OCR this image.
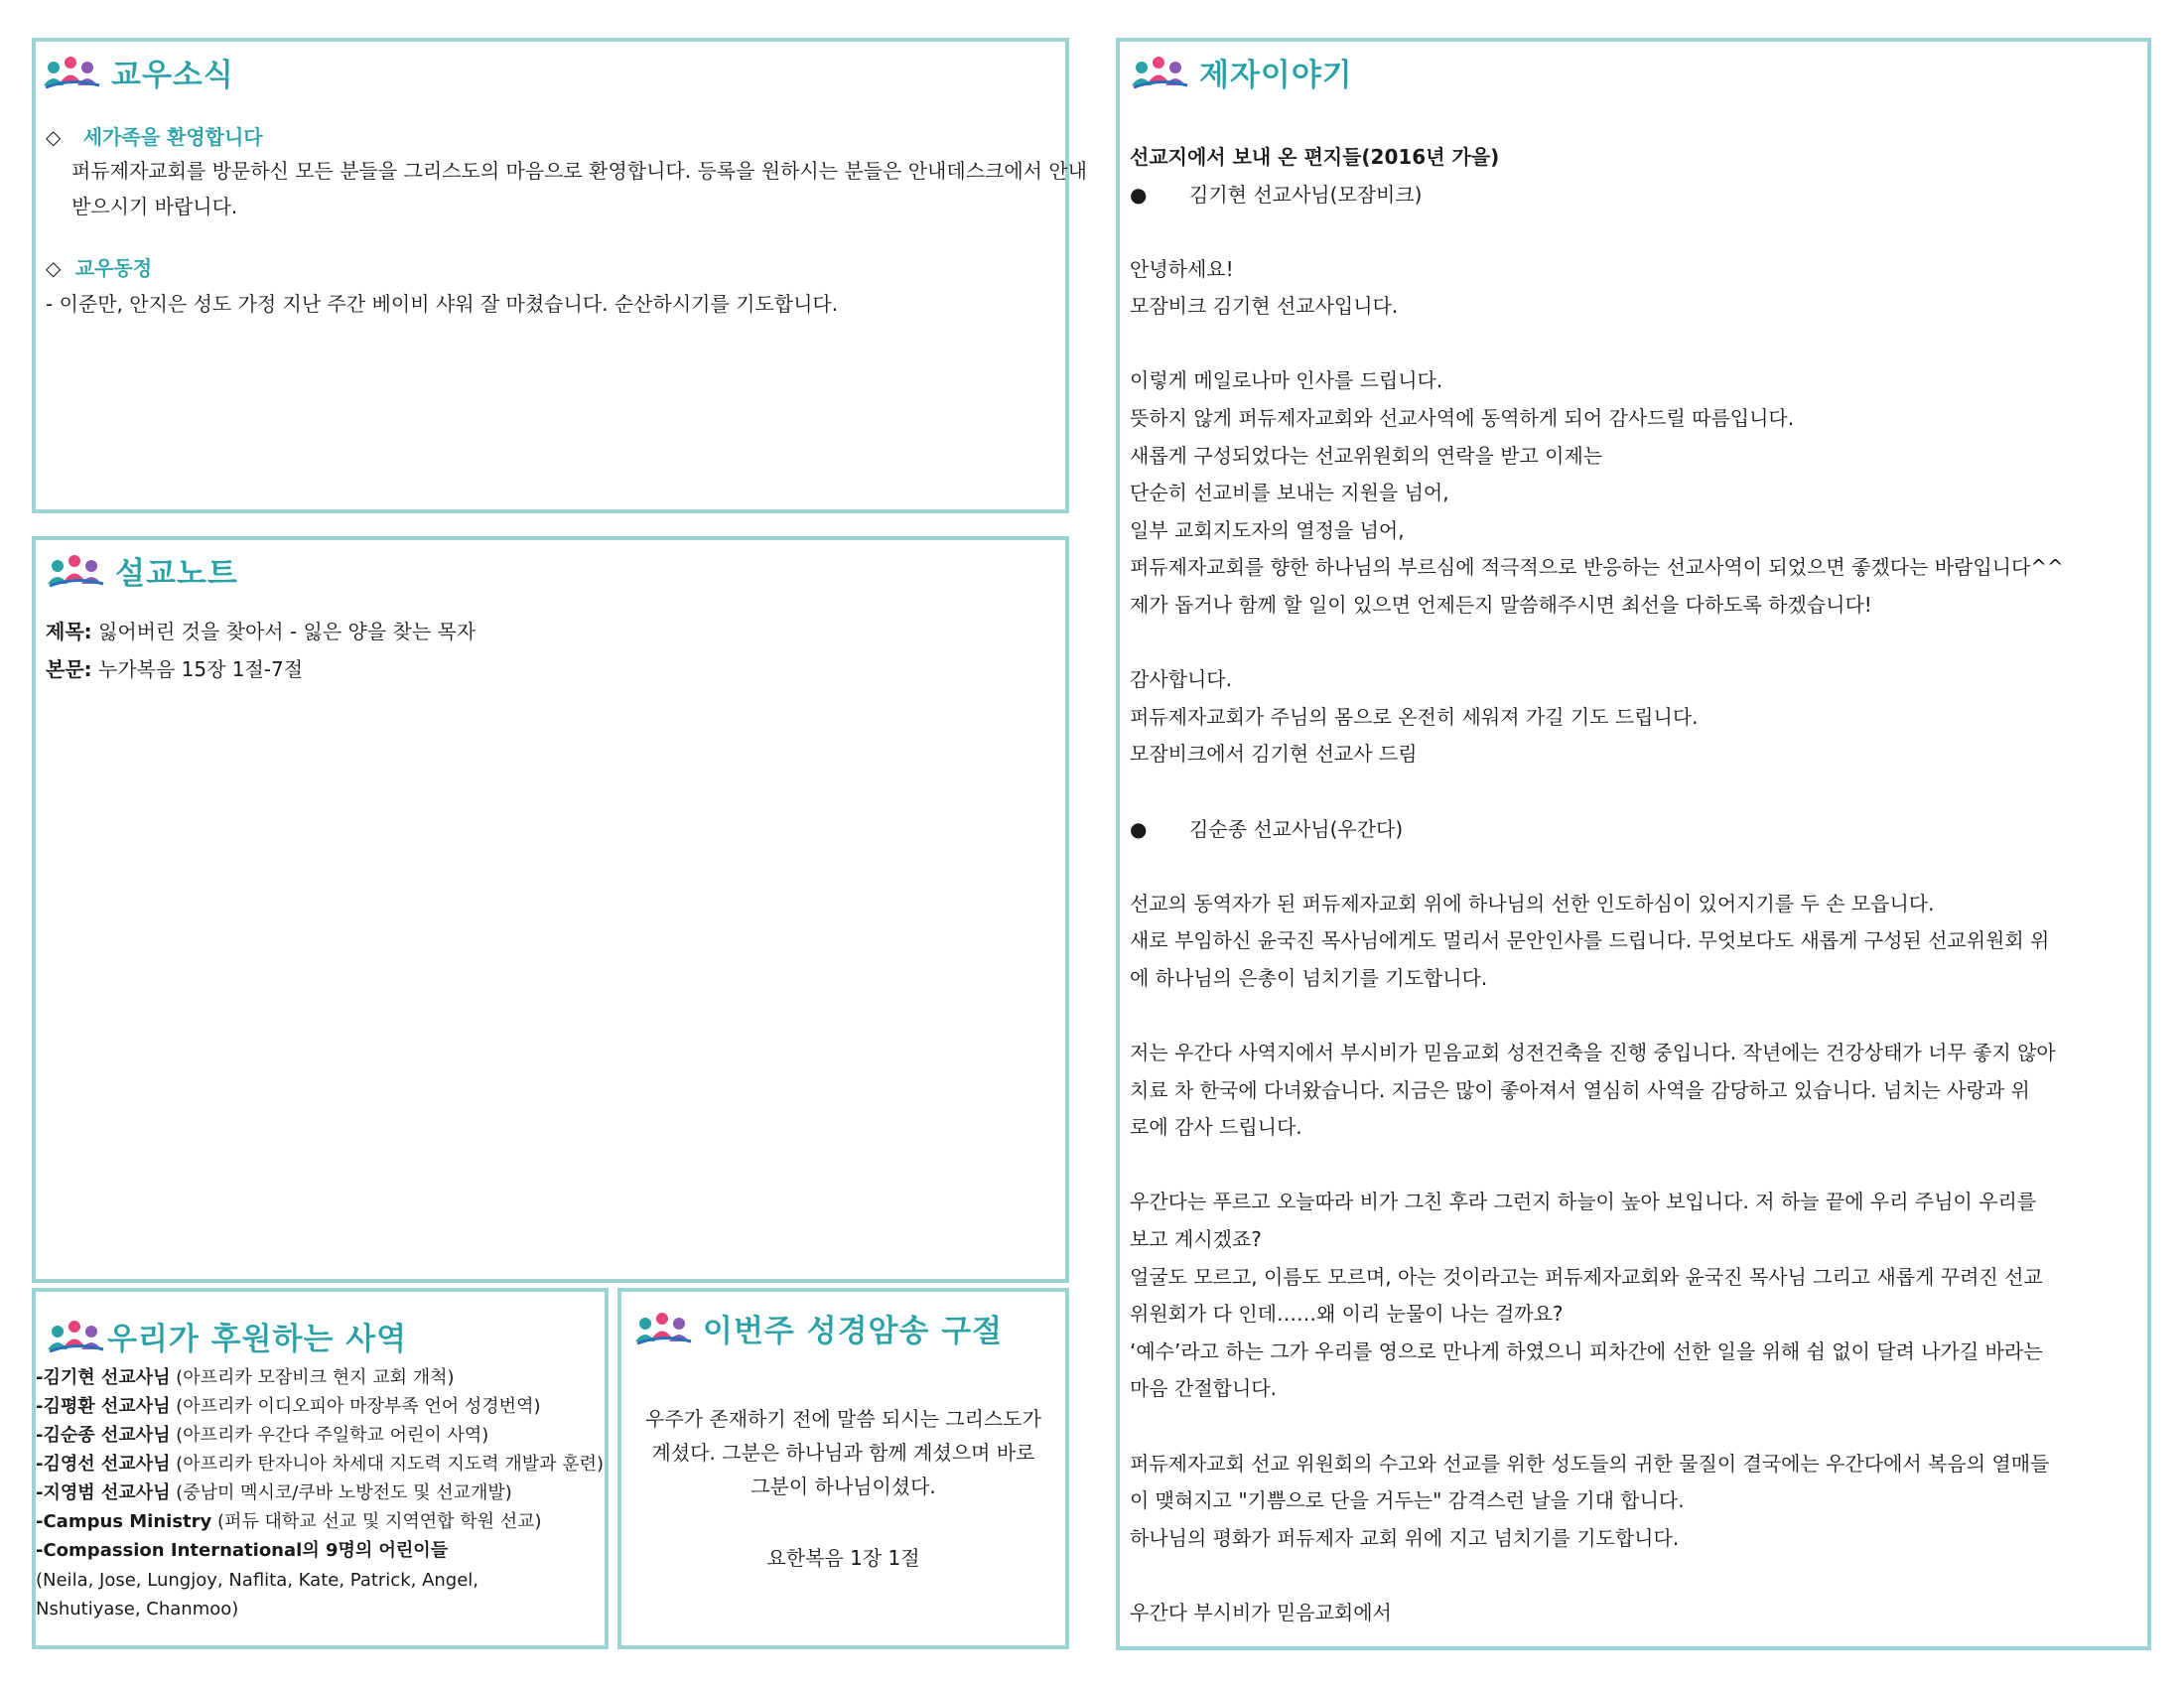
교우소식
◇ 세가족을 환영합니다
퍼듀제자교회를 방문하신 모든 분들을 그리스도의 마음으로 환영합니다. 등록을 원하시는 분들은 안내데스크에서 안내
받으시기 바랍니다.
◇ 교우동정
- 이준만, 안지은 성도 가정 지난 주간 베이비 샤워 잘 마쳤습니다. 순산하시기를 기도합니다.
설교노트
제목: 잃어버린 것을 찾아서 - 잃은 양을 찾는 목자
본문: 누가복음 15장 1절-7절
우리가 후원하는 사역
-김기현 선교사님 (아프리카 모잠비크 현지 교회 개척)
-김평환 선교사님 (아프리카 이디오피아 마장부족 언어 성경번역)
-김순종 선교사님 (아프리카 우간다 주일학교 어린이 사역)
-김영선 선교사님 (아프리카 탄자니아 차세대 지도력 지도력 개발과 훈련)
-지영범 선교사님 (중남미 멕시코/쿠바 노방전도 및 선교개발)
-Campus Ministry (퍼듀 대학교 선교 및 지역연합 학원 선교)
-Compassion International의 9명의 어린이들
(Neila, Jose, Lungjoy, Naflita, Kate, Patrick, Angel,
Nshutiyase, Chanmoo)
이번주 성경암송 구절
우주가 존재하기 전에 말씀 되시는 그리스도가
계셨다. 그분은 하나님과 함께 계셨으며 바로
그분이 하나님이셨다.
요한복음 1장 1절
제자이야기
선교지에서 보내 온 편지들(2016년 가을)
● 김기현 선교사님(모잠비크)

안녕하세요!
모잠비크 김기현 선교사입니다.

이렇게 메일로나마 인사를 드립니다.
뜻하지 않게 퍼듀제자교회와 선교사역에 동역하게 되어 감사드릴 따름입니다.
새롭게 구성되었다는 선교위원회의 연락을 받고 이제는
단순히 선교비를 보내는 지원을 넘어,
일부 교회지도자의 열정을 넘어,
퍼듀제자교회를 향한 하나님의 부르심에 적극적으로 반응하는 선교사역이 되었으면 좋겠다는 바람입니다^^
제가 돕거나 함께 할 일이 있으면 언제든지 말씀해주시면 최선을 다하도록 하겠습니다!

감사합니다.
퍼듀제자교회가 주님의 몸으로 온전히 세워져 가길 기도 드립니다.
모잠비크에서 김기현 선교사 드림

● 김순종 선교사님(우간다)

선교의 동역자가 된 퍼듀제자교회 위에 하나님의 선한 인도하심이 있어지기를 두 손 모읍니다.
새로 부임하신 윤국진 목사님에게도 멀리서 문안인사를 드립니다. 무엇보다도 새롭게 구성된 선교위원회 위
에 하나님의 은총이 넘치기를 기도합니다.

저는 우간다 사역지에서 부시비가 믿음교회 성전건축을 진행 중입니다. 작년에는 건강상태가 너무 좋지 않아
치료 차 한국에 다녀왔습니다. 지금은 많이 좋아져서 열심히 사역을 감당하고 있습니다. 넘치는 사랑과 위
로에 감사 드립니다.

우간다는 푸르고 오늘따라 비가 그친 후라 그런지 하늘이 높아 보입니다. 저 하늘 끝에 우리 주님이 우리를
보고 계시겠죠?
얼굴도 모르고, 이름도 모르며, 아는 것이라고는 퍼듀제자교회와 윤국진 목사님 그리고 새롭게 꾸려진 선교
위원회가 다 인데……왜 이리 눈물이 나는 걸까요?
‘예수’라고 하는 그가 우리를 영으로 만나게 하였으니 피차간에 선한 일을 위해 쉼 없이 달려 나가길 바라는
마음 간절합니다.

퍼듀제자교회 선교 위원회의 수고와 선교를 위한 성도들의 귀한 물질이 결국에는 우간다에서 복음의 열매들
이 맺혀지고 "기쁨으로 단을 거두는" 감격스런 날을 기대 합니다.
하나님의 평화가 퍼듀제자 교회 위에 지고 넘치기를 기도합니다.

우간다 부시비가 믿음교회에서
